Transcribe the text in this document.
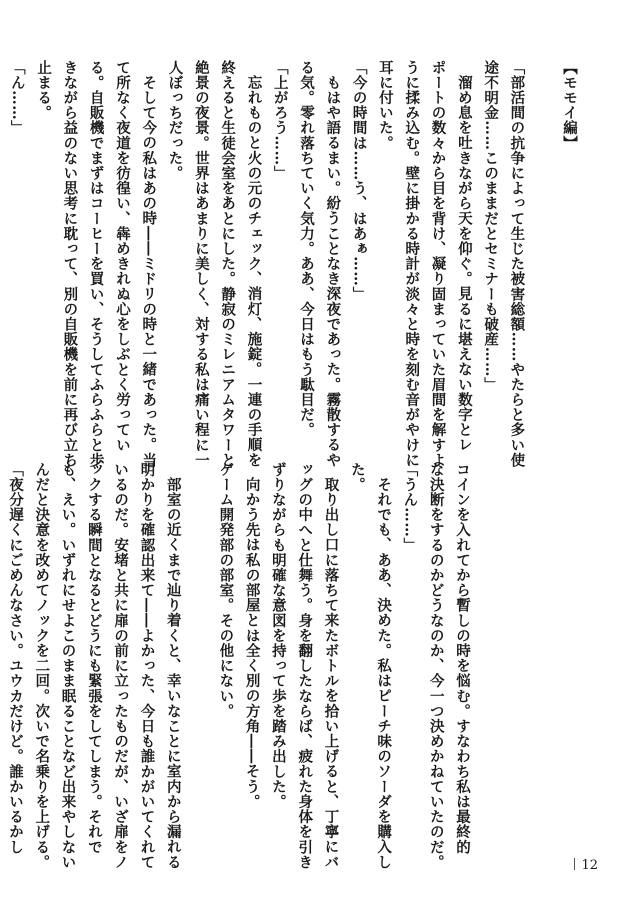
【モモイ編】

「部活間の抗争によって生じた被害総額……やたらと多い使

途不明金……このままだとセミナーも破産……」

溜め息を吐きながら天を仰ぐ。見るに堪えない数字とレ

ポートの数々から目を背け、凝り固まっていた眉間を解すよ

うに揉み込む。壁に掛かる時計が淡々と時を刻む音がやけに

耳に付いた。

「今の時間は……う、はあぁ……」

もはや語るまい。紛うことなき深夜であった。霧散するや

る気。零れ落ちていく気力。ああ、今日はもう駄目だ。

「上がろう……」

忘れものと火の元のチェック、消灯、施錠。一連の手順を

終えると生徒会室をあとにした。静寂のミレニアムタワーと

絶景の夜景。世界はあまりに美しく、対する私は痛い程に一

人ぼっちだった。

そして今の私はあの時――ミドリの時と一緒であった。当

て所なく夜道を彷徨い、犇めきれぬ心をしぶとく労ってい

る。自販機でまずはコーヒーを買い、そうしてふらふらと歩

きながら益のない思考に耽って、別の自販機を前に再び立ち

止まる。

「ん……」

コインを入れてから暫しの時を悩む。すなわち私は最終的

な決断をするのかどうなのか、今一つ決めかねていたのだ。

「うん……」

それでも、ああ、決めた。私はピーチ味のソーダを購入し

た。

取り出し口に落ちて来たボトルを拾い上げると、丁寧にバ

ッグの中へと仕舞う。身を翻したならば、疲れた身体を引き

ずりながらも明確な意図を持って歩を踏み出した。

向かう先は私の部屋とは全く別の方角――そう。

ゲーム開発部の部室。その他にない。

部室の近くまで辿り着くと、幸いなことに室内から漏れる

明かりを確認出来て――よかった、今日も誰かがいてくれて

いるのだ。安堵と共に扉の前に立ったものだが、いざ扉をノ

ックする瞬間となるとどうにも緊張をしてしまう。それで

も、えい。いずれにせよこのまま眠ることなど出来やしない

んだと決意を改めてノックを二回。次いで名乗りを上げる。

「夜分遅くにごめんなさい。ユウカだけど。誰かいるかし

12
